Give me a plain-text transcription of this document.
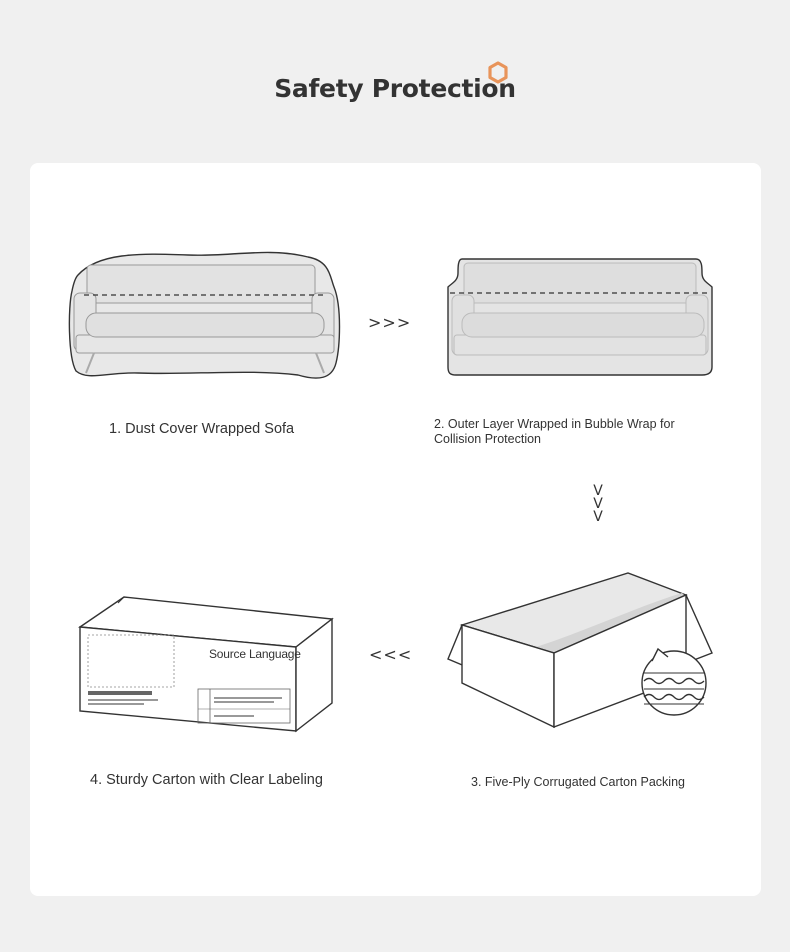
Safety Protection

1. Dust Cover Wrapped Sofa

>>>

2. Outer Layer Wrapped in Bubble Wrap for Collision Protection

V
V
V
Source Language

4. Sturdy Carton with Clear Labeling

<<<

3. Five-Ply Corrugated Carton Packing
